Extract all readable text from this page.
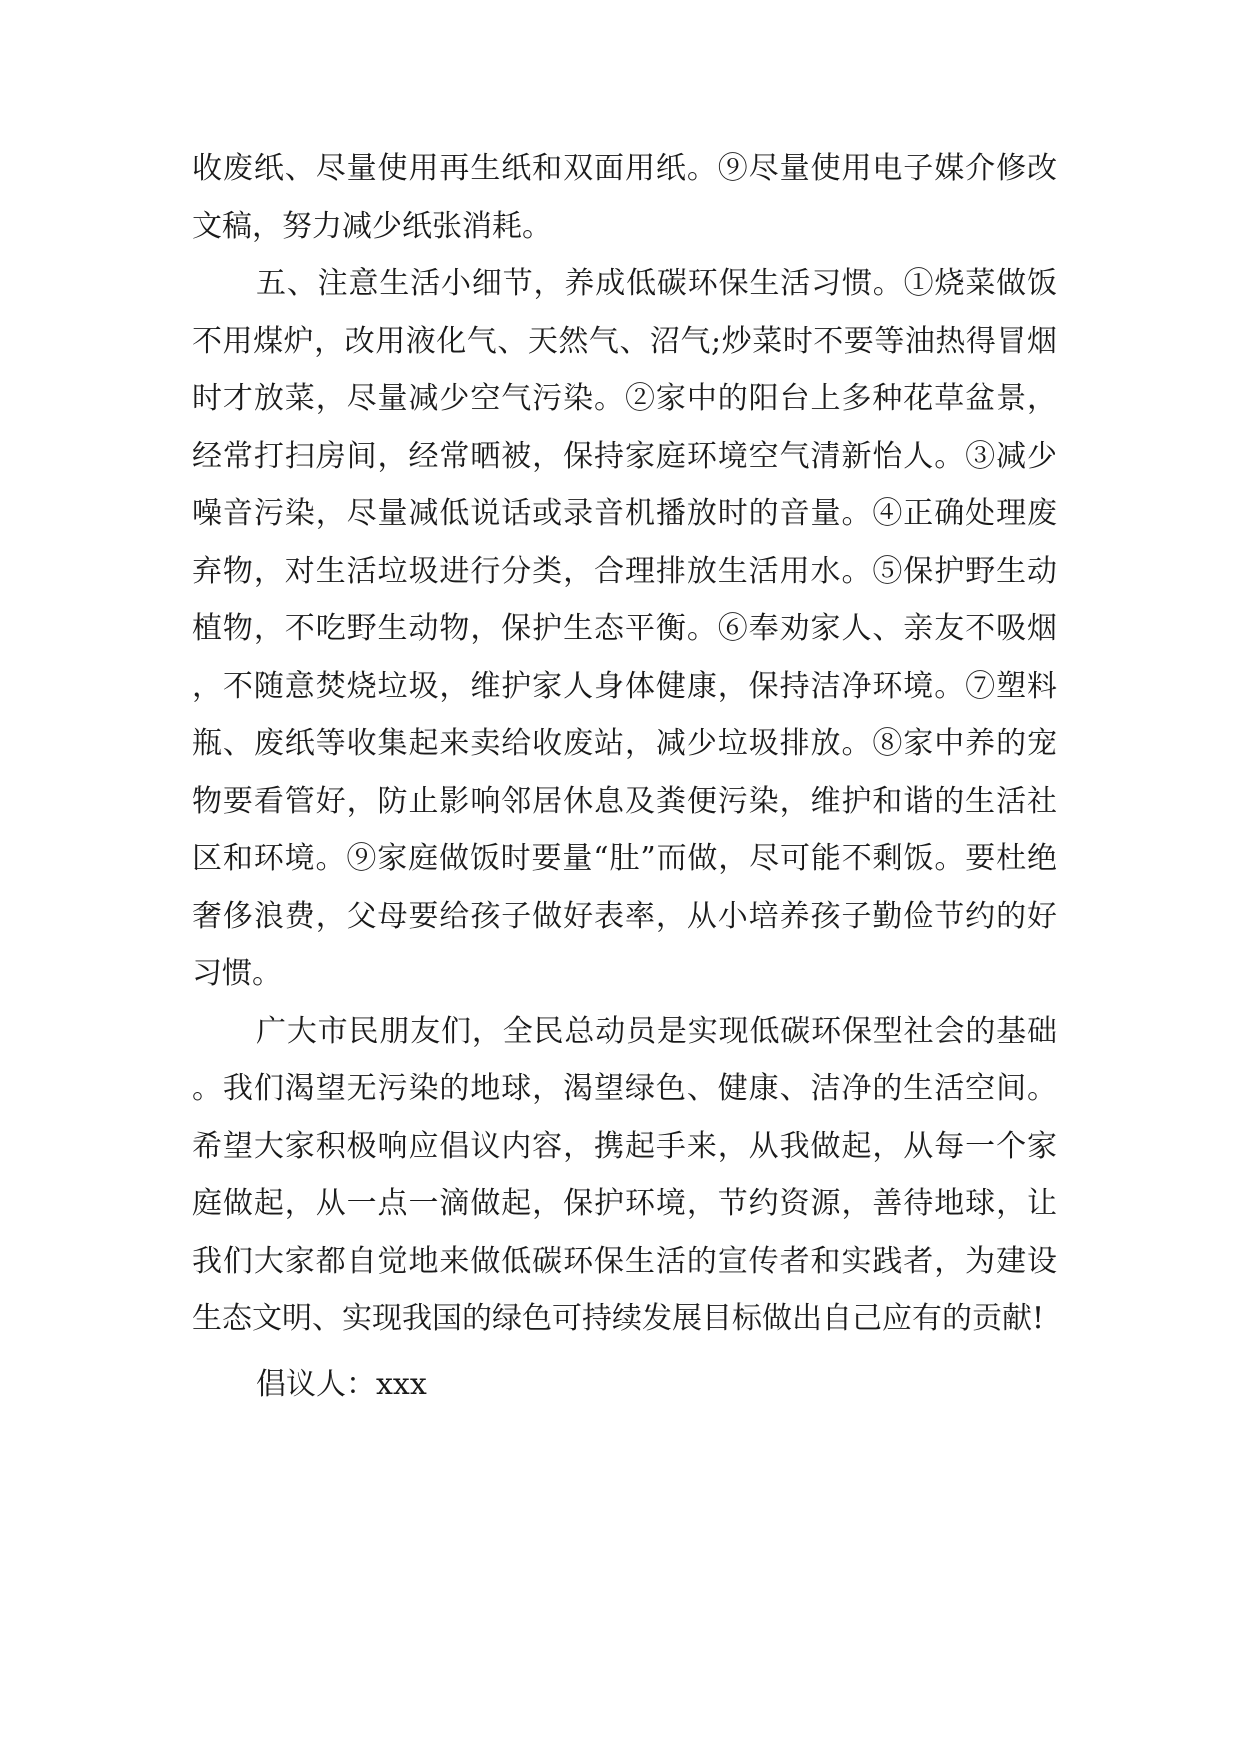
收废纸、尽量使用再生纸和双面用纸。⑨尽量使用电子媒介修改文稿，努力减少纸张消耗。

五、注意生活小细节，养成低碳环保生活习惯。①烧菜做饭不用煤炉，改用液化气、天然气、沼气;炒菜时不要等油热得冒烟时才放菜，尽量减少空气污染。②家中的阳台上多种花草盆景，经常打扫房间，经常晒被，保持家庭环境空气清新怡人。③减少噪音污染，尽量减低说话或录音机播放时的音量。④正确处理废弃物，对生活垃圾进行分类，合理排放生活用水。⑤保护野生动植物，不吃野生动物，保护生态平衡。⑥奉劝家人、亲友不吸烟，不随意焚烧垃圾，维护家人身体健康，保持洁净环境。⑦塑料瓶、废纸等收集起来卖给收废站，减少垃圾排放。⑧家中养的宠物要看管好，防止影响邻居休息及粪便污染，维护和谐的生活社区和环境。⑨家庭做饭时要量“肚”而做，尽可能不剩饭。要杜绝奢侈浪费，父母要给孩子做好表率，从小培养孩子勤俭节约的好习惯。

广大市民朋友们，全民总动员是实现低碳环保型社会的基础。我们渴望无污染的地球，渴望绿色、健康、洁净的生活空间。希望大家积极响应倡议内容，携起手来，从我做起，从每一个家庭做起，从一点一滴做起，保护环境，节约资源，善待地球，让我们大家都自觉地来做低碳环保生活的宣传者和实践者，为建设生态文明、实现我国的绿色可持续发展目标做出自己应有的贡献!

倡议人：xxx
